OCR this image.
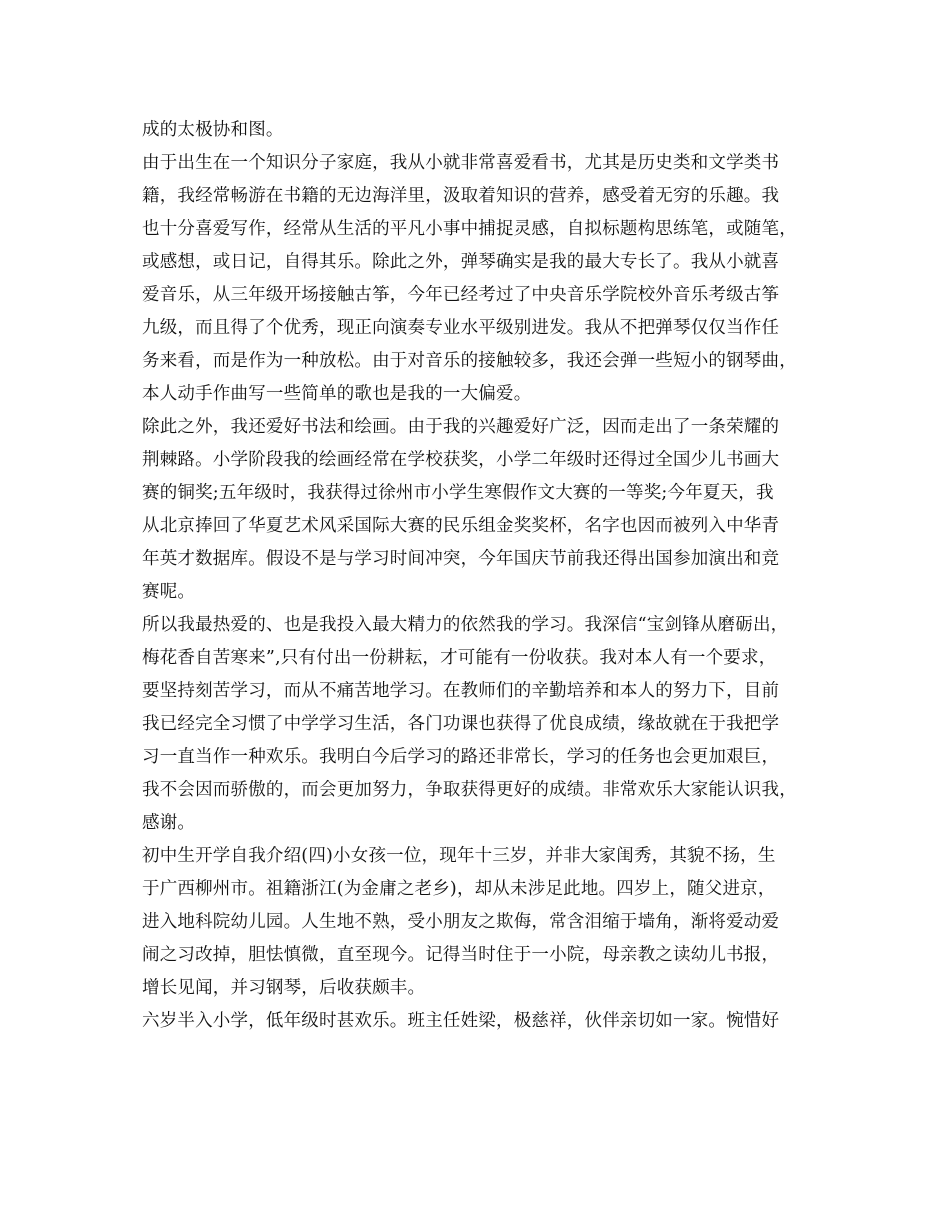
成的太极协和图。
由于出生在一个知识分子家庭，我从小就非常喜爱看书，尤其是历史类和文学类书
籍，我经常畅游在书籍的无边海洋里，汲取着知识的营养，感受着无穷的乐趣。我
也十分喜爱写作，经常从生活的平凡小事中捕捉灵感，自拟标题构思练笔，或随笔，
或感想，或日记，自得其乐。除此之外，弹琴确实是我的最大专长了。我从小就喜
爱音乐，从三年级开场接触古筝，今年已经考过了中央音乐学院校外音乐考级古筝
九级，而且得了个优秀，现正向演奏专业水平级别进发。我从不把弹琴仅仅当作任
务来看，而是作为一种放松。由于对音乐的接触较多，我还会弹一些短小的钢琴曲，
本人动手作曲写一些简单的歌也是我的一大偏爱。
除此之外，我还爱好书法和绘画。由于我的兴趣爱好广泛，因而走出了一条荣耀的
荆棘路。小学阶段我的绘画经常在学校获奖，小学二年级时还得过全国少儿书画大
赛的铜奖;五年级时，我获得过徐州市小学生寒假作文大赛的一等奖;今年夏天，我
从北京捧回了华夏艺术风采国际大赛的民乐组金奖奖杯，名字也因而被列入中华青
年英才数据库。假设不是与学习时间冲突，今年国庆节前我还得出国参加演出和竞
赛呢。
所以我最热爱的、也是我投入最大精力的依然我的学习。我深信“宝剑锋从磨砺出，
梅花香自苦寒来”,只有付出一份耕耘，才可能有一份收获。我对本人有一个要求，
要坚持刻苦学习，而从不痛苦地学习。在教师们的辛勤培养和本人的努力下，目前
我已经完全习惯了中学学习生活，各门功课也获得了优良成绩，缘故就在于我把学
习一直当作一种欢乐。我明白今后学习的路还非常长，学习的任务也会更加艰巨，
我不会因而骄傲的，而会更加努力，争取获得更好的成绩。非常欢乐大家能认识我，
感谢。
初中生开学自我介绍(四)小女孩一位，现年十三岁，并非大家闺秀，其貌不扬，生
于广西柳州市。祖籍浙江(为金庸之老乡)，却从未涉足此地。四岁上，随父进京，
进入地科院幼儿园。人生地不熟，受小朋友之欺侮，常含泪缩于墙角，渐将爱动爱
闹之习改掉，胆怯慎微，直至现今。记得当时住于一小院，母亲教之读幼儿书报，
增长见闻，并习钢琴，后收获颇丰。
六岁半入小学，低年级时甚欢乐。班主任姓梁，极慈祥，伙伴亲切如一家。惋惜好
